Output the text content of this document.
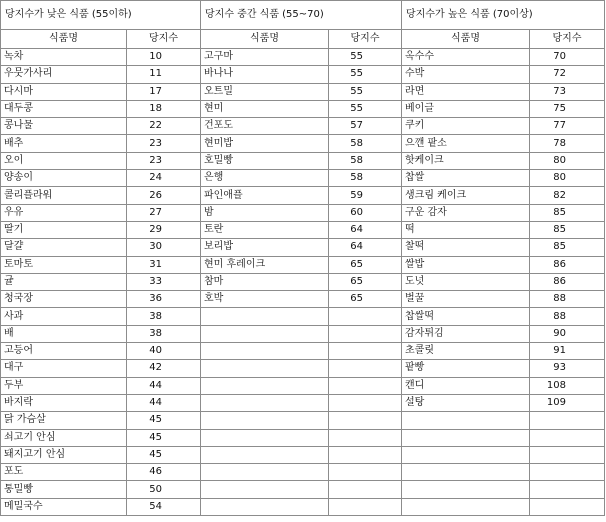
당지수가 낮은 식품 (55이하)		당지수 중간 식품 (55~70)		당지수가 높은 식품 (70이상)	
식품명	당지수	식품명	당지수	식품명	당지수
녹차	10	고구마	55	옥수수	70
우뭇가사리	11	바나나	55	수박	72
다시마	17	오트밀	55	라면	73
대두콩	18	현미	55	베이글	75
콩나물	22	건포도	57	쿠키	77
배추	23	현미밥	58	으깬 팥소	78
오이	23	호밀빵	58	핫케이크	80
양송이	24	은행	58	찹쌀	80
콜리플라워	26	파인애플	59	생크림 케이크	82
우유	27	밤	60	구운 감자	85
딸기	29	토란	64	떡	85
달걀	30	보리밥	64	찰떡	85
토마토	31	현미 후레이크	65	쌀밥	86
귤	33	참마	65	도넛	86
청국장	36	호박	65	벌꿀	88
사과	38			찹쌀떡	88
배	38			감자튀김	90
고등어	40			초콜릿	91
대구	42			팥빵	93
두부	44			캔디	108
바지락	44			설탕	109
닭 가슴살	45				
쇠고기 안심	45				
돼지고기 안심	45				
포도	46				
통밀빵	50				
메밀국수	54				
